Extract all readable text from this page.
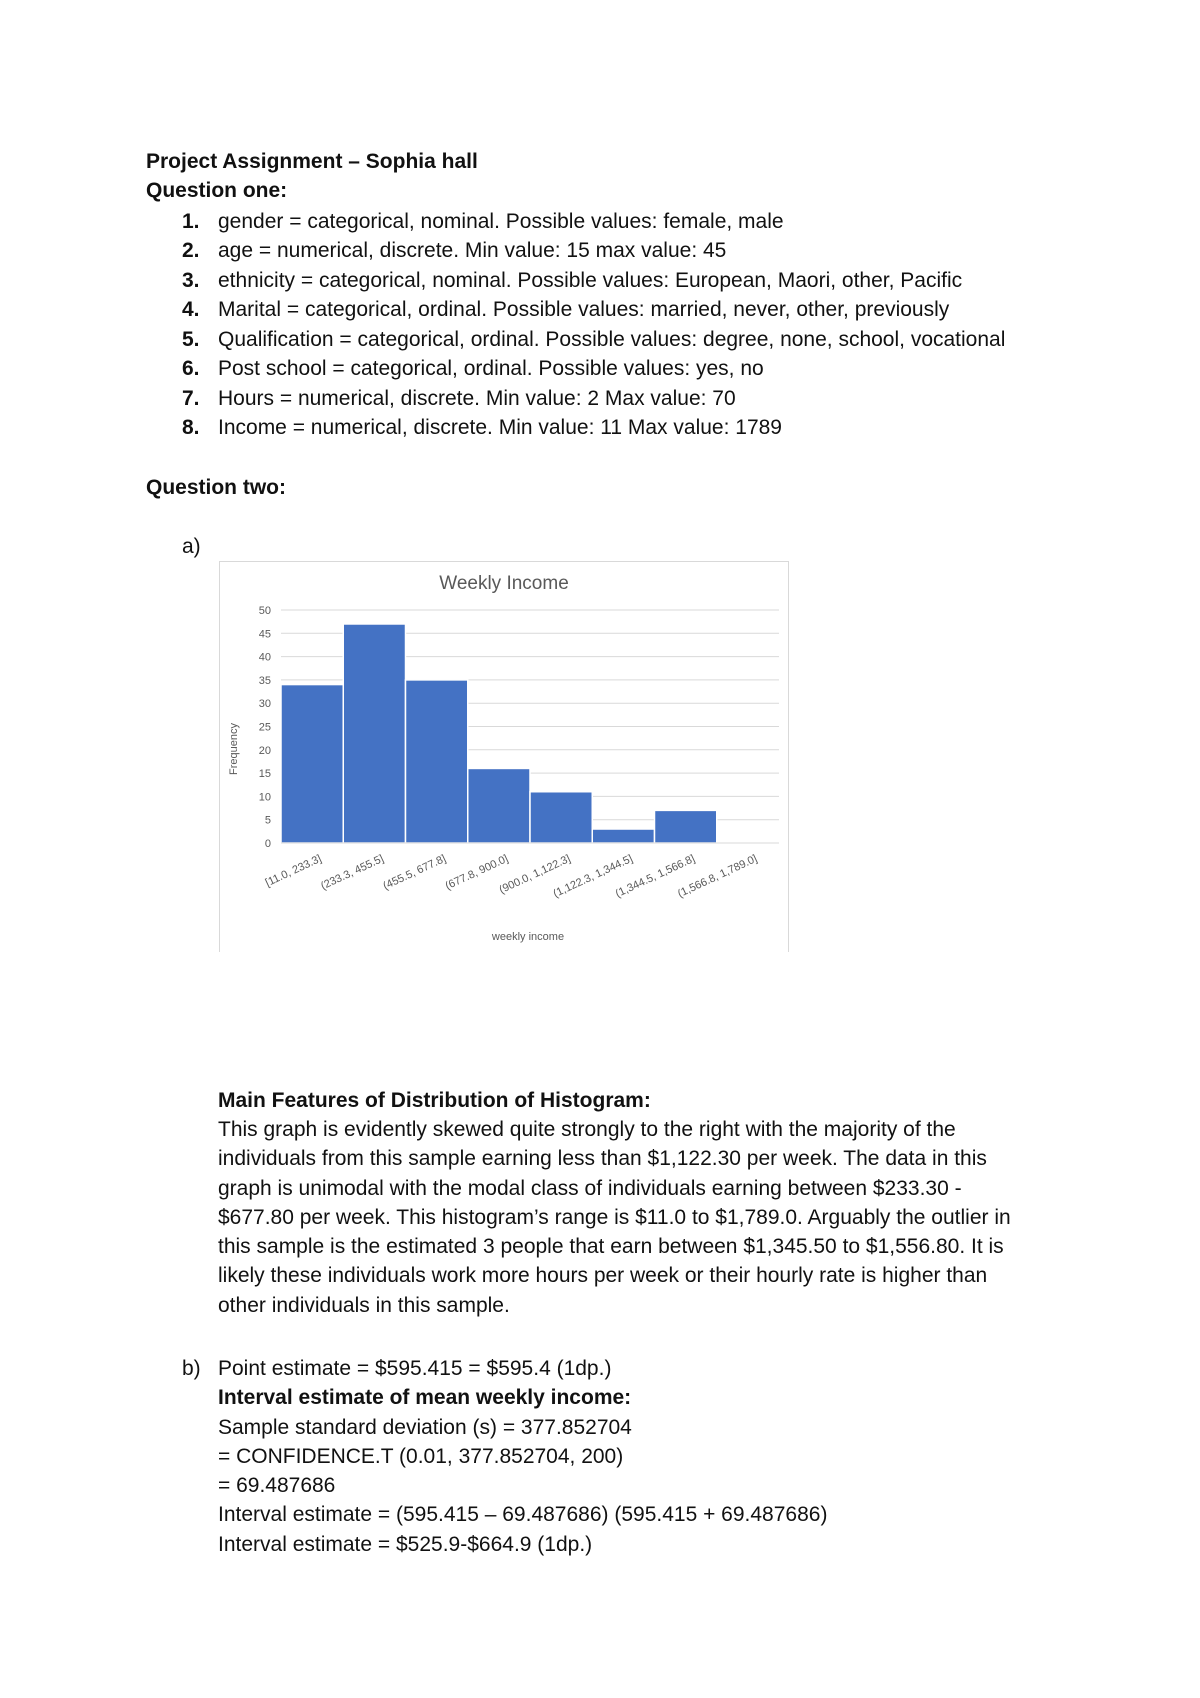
Project Assignment – Sophia hall
Question one:
1. gender = categorical, nominal. Possible values: female, male
2. age = numerical, discrete. Min value: 15 max value: 45
3. ethnicity = categorical, nominal. Possible values: European, Maori, other, Pacific
4. Marital = categorical, ordinal. Possible values: married, never, other, previously
5. Qualification = categorical, ordinal. Possible values: degree, none, school, vocational
6. Post school = categorical, ordinal. Possible values: yes, no
7. Hours = numerical, discrete. Min value: 2 Max value: 70
8. Income = numerical, discrete. Min value: 11 Max value: 1789
Question two:
a)
Weekly Income
0
5
10
15
20
25
30
35
40
45
50
[11.0, 233.3]
(233.3, 455.5]
(455.5, 677.8]
(677.8, 900.0]
(900.0, 1,122.3]
(1,122.3, 1,344.5]
(1,344.5, 1,566.8]
(1,566.8, 1,789.0]
Frequency
weekly income
Main Features of Distribution of Histogram:
This graph is evidently skewed quite strongly to the right with the majority of the
individuals from this sample earning less than $1,122.30 per week. The data in this
graph is unimodal with the modal class of individuals earning between $233.30 -
$677.80 per week. This histogram’s range is $11.0 to $1,789.0. Arguably the outlier in
this sample is the estimated 3 people that earn between $1,345.50 to $1,556.80. It is
likely these individuals work more hours per week or their hourly rate is higher than
other individuals in this sample.
b) Point estimate = $595.415 = $595.4 (1dp.)
Interval estimate of mean weekly income:
Sample standard deviation (s) = 377.852704
= CONFIDENCE.T (0.01, 377.852704, 200)
= 69.487686
Interval estimate = (595.415 – 69.487686) (595.415 + 69.487686)
Interval estimate = $525.9-$664.9 (1dp.)
